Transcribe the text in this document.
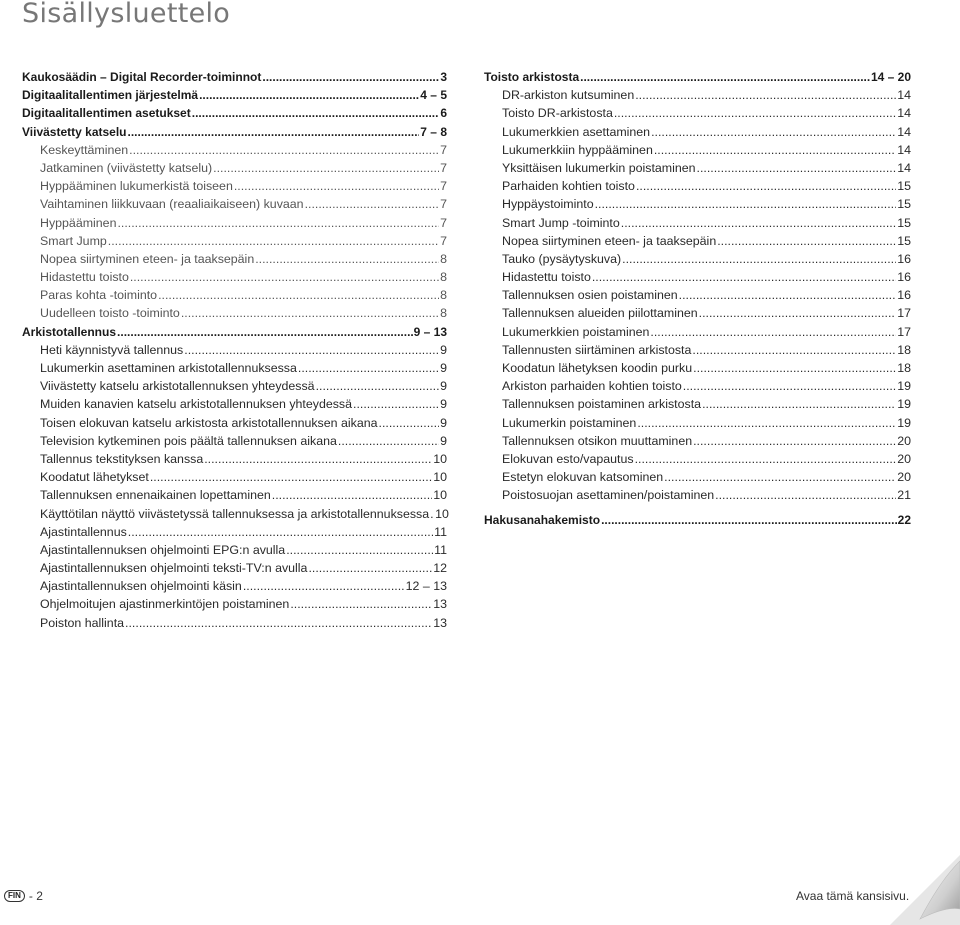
Sisällysluettelo
Kaukosäädin – Digital Recorder-toiminnot .....	3
Digitaalitallentimen järjestelmä .....	4 – 5
Digitaalitallentimen asetukset .....	6
Viivästetty katselu .....	7 – 8
Keskeyttäminen .....	7
Jatkaminen (viivästetty katselu) .....	7
Hyppääminen lukumerkistä toiseen .....	7
Vaihtaminen liikkuvaan (reaaliaikaiseen) kuvaan .....	7
Hyppääminen .....	7
Smart Jump .....	7
Nopea siirtyminen eteen- ja taaksepäin .....	8
Hidastettu toisto .....	8
Paras kohta -toiminto .....	8
Uudelleen toisto -toiminto .....	8
Arkistotallennus .....	9 – 13
Heti käynnistyvä tallennus .....	9
Lukumerkin asettaminen arkistotallennuksessa .....	9
Viivästetty katselu arkistotallennuksen yhteydessä .....	9
Muiden kanavien katselu arkistotallennuksen yhteydessä .....	9
Toisen elokuvan katselu arkistosta arkistotallennuksen aikana .....	9
Television kytkeminen pois päältä tallennuksen aikana .....	9
Tallennus tekstityksen kanssa .....	10
Koodatut lähetykset .....	10
Tallennuksen ennenaikainen lopettaminen .....	10
Käyttötilan näyttö viivästetyssä tallennuksessa ja arkistotallennuksessa ..... 10
Ajastintallennus .....	11
Ajastintallennuksen ohjelmointi EPG:n avulla .....	11
Ajastintallennuksen ohjelmointi teksti-TV:n avulla .....	12
Ajastintallennuksen ohjelmointi käsin .....	12 – 13
Ohjelmoitujen ajastinmerkintöjen poistaminen .....	13
Poiston hallinta .....	13
Toisto arkistosta .....	14 – 20
DR-arkiston kutsuminen .....	14
Toisto DR-arkistosta .....	14
Lukumerkkien asettaminen .....	14
Lukumerkkiin hyppääminen .....	14
Yksittäisen lukumerkin poistaminen .....	14
Parhaiden kohtien toisto .....	15
Hyppäystoiminto .....	15
Smart Jump -toiminto .....	15
Nopea siirtyminen eteen- ja taaksepäin .....	15
Tauko (pysäytyskuva) .....	16
Hidastettu toisto .....	16
Tallennuksen osien poistaminen .....	16
Tallennuksen alueiden piilottaminen .....	17
Lukumerkkien poistaminen .....	17
Tallennusten siirtäminen arkistosta .....	18
Koodatun lähetyksen koodin purku .....	18
Arkiston parhaiden kohtien toisto .....	19
Tallennuksen poistaminen arkistosta .....	19
Lukumerkin poistaminen .....	19
Tallennuksen otsikon muuttaminen .....	20
Elokuvan esto/vapautus .....	20
Estetyn elokuvan katsominen .....	20
Poistosuojan asettaminen/poistaminen .....	21
Hakusanahakemisto .....	22
FIN - 2	Avaa tämä kansisivu.
